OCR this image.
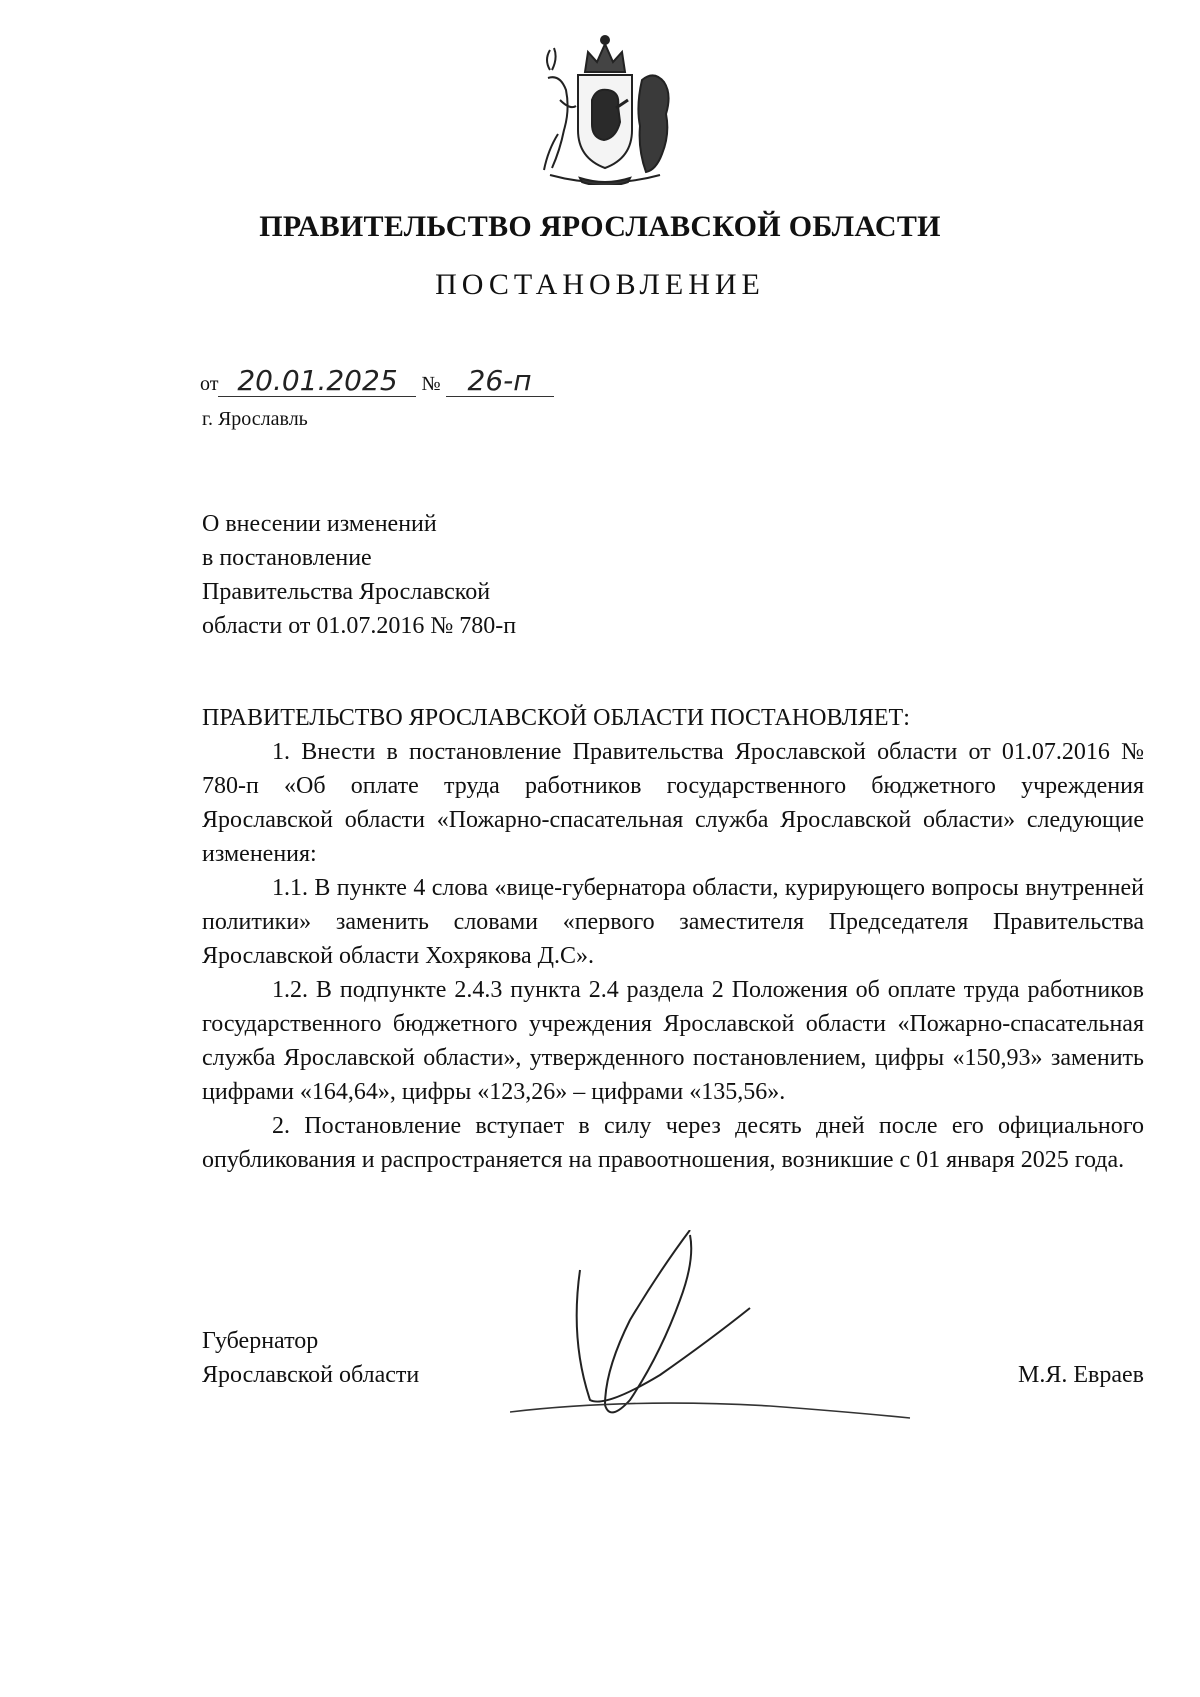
ПРАВИТЕЛЬСТВО ЯРОСЛАВСКОЙ ОБЛАСТИ
ПОСТАНОВЛЕНИЕ
от 20.01.2025 № 26-п
г. Ярославль
О внесении изменений
в постановление
Правительства Ярославской
области от 01.07.2016 № 780-п
ПРАВИТЕЛЬСТВО ЯРОСЛАВСКОЙ ОБЛАСТИ ПОСТАНОВЛЯЕТ:

1. Внести в постановление Правительства Ярославской области от 01.07.2016 № 780-п «Об оплате труда работников государственного бюджетного учреждения Ярославской области «Пожарно-спасательная служба Ярославской области» следующие изменения:

1.1. В пункте 4 слова «вице-губернатора области, курирующего вопросы внутренней политики» заменить словами «первого заместителя Председателя Правительства Ярославской области Хохрякова Д.С».

1.2. В подпункте 2.4.3 пункта 2.4 раздела 2 Положения об оплате труда работников государственного бюджетного учреждения Ярославской области «Пожарно-спасательная служба Ярославской области», утвержденного постановлением, цифры «150,93» заменить цифрами «164,64», цифры «123,26» – цифрами «135,56».

2. Постановление вступает в силу через десять дней после его официального опубликования и распространяется на правоотношения, возникшие с 01 января 2025 года.

Губернатор
Ярославской области	М.Я. Евраев
